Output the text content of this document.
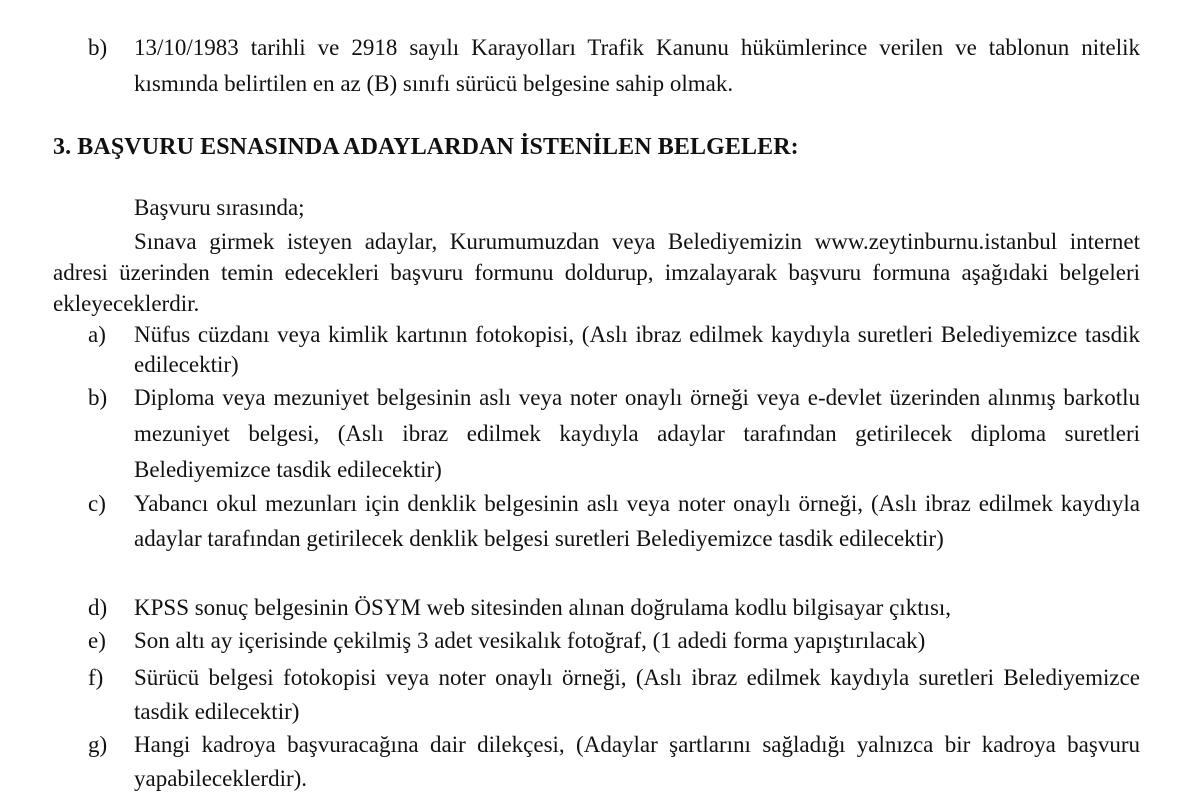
b)	13/10/1983 tarihli ve 2918 sayılı Karayolları Trafik Kanunu hükümlerince verilen ve tablonun nitelik kısmında belirtilen en az (B) sınıfı sürücü belgesine sahip olmak.
3. BAŞVURU ESNASINDA ADAYLARDAN İSTENİLEN BELGELER:
Başvuru sırasında;
Sınava girmek isteyen adaylar, Kurumumuzdan veya Belediyemizin www.zeytinburnu.istanbul internet adresi üzerinden temin edecekleri başvuru formunu doldurup, imzalayarak başvuru formuna aşağıdaki belgeleri ekleyeceklerdir.
a)	Nüfus cüzdanı veya kimlik kartının fotokopisi, (Aslı ibraz edilmek kaydıyla suretleri Belediyemizce tasdik edilecektir)
b)	Diploma veya mezuniyet belgesinin aslı veya noter onaylı örneği veya e-devlet üzerinden alınmış barkotlu mezuniyet belgesi, (Aslı ibraz edilmek kaydıyla adaylar tarafından getirilecek diploma suretleri Belediyemizce tasdik edilecektir)
c)	Yabancı okul mezunları için denklik belgesinin aslı veya noter onaylı örneği, (Aslı ibraz edilmek kaydıyla adaylar tarafından getirilecek denklik belgesi suretleri Belediyemizce tasdik edilecektir)
d)	KPSS sonuç belgesinin ÖSYM web sitesinden alınan doğrulama kodlu bilgisayar çıktısı,
e)	Son altı ay içerisinde çekilmiş 3 adet vesikalık fotoğraf, (1 adedi forma yapıştırılacak)
f)	Sürücü belgesi fotokopisi veya noter onaylı örneği, (Aslı ibraz edilmek kaydıyla suretleri Belediyemizce tasdik edilecektir)
g)	Hangi kadroya başvuracağına dair dilekçesi, (Adaylar şartlarını sağladığı yalnızca bir kadroya başvuru yapabileceklerdir).
